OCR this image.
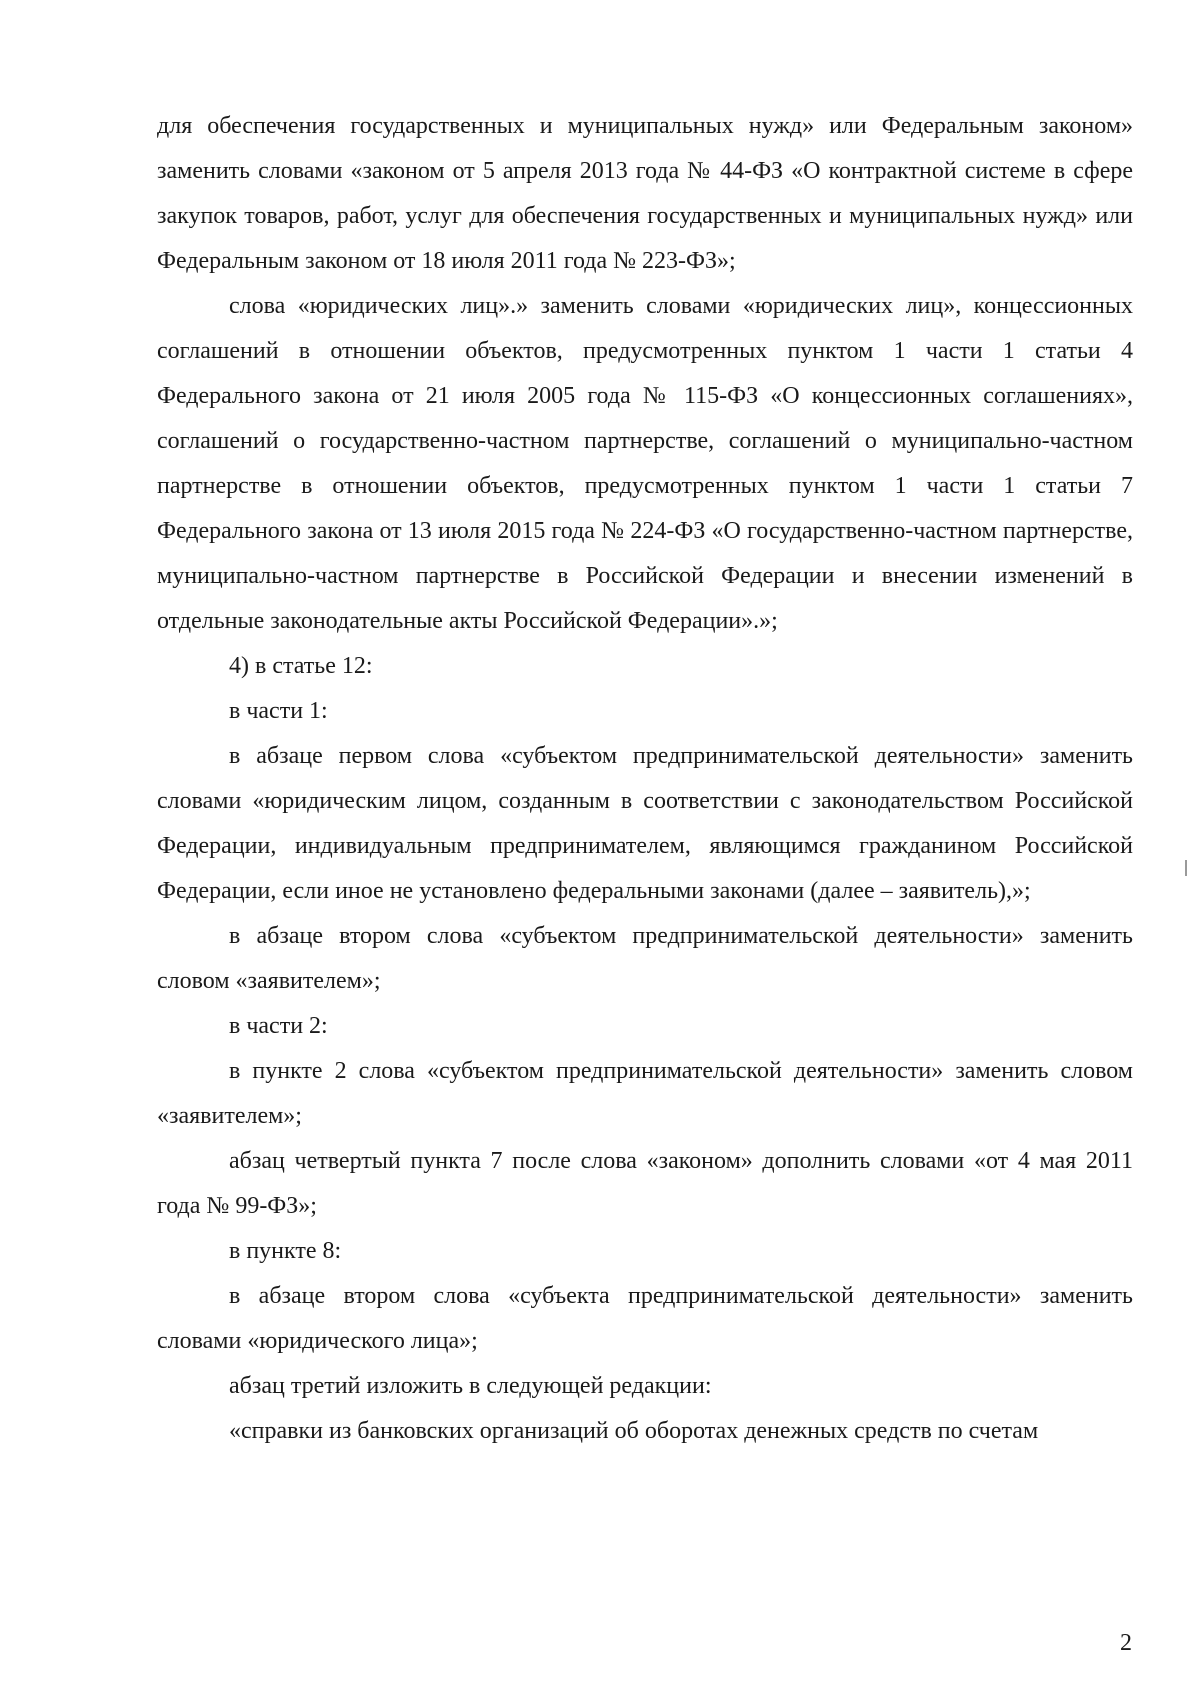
для обеспечения государственных и муниципальных нужд» или Федеральным законом» заменить словами «законом от 5 апреля 2013 года № 44-ФЗ «О контрактной системе в сфере закупок товаров, работ, услуг для обеспечения государственных и муниципальных нужд» или Федеральным законом от 18 июля 2011 года № 223-ФЗ»;

слова «юридических лиц».» заменить словами «юридических лиц», концессионных соглашений в отношении объектов, предусмотренных пунктом 1 части 1 статьи 4 Федерального закона от 21 июля 2005 года № 115-ФЗ «О концессионных соглашениях», соглашений о государственно-частном партнерстве, соглашений о муниципально-частном партнерстве в отношении объектов, предусмотренных пунктом 1 части 1 статьи 7 Федерального закона от 13 июля 2015 года № 224-ФЗ «О государственно-частном партнерстве, муниципально-частном партнерстве в Российской Федерации и внесении изменений в отдельные законодательные акты Российской Федерации».»;

4) в статье 12:

в части 1:

в абзаце первом слова «субъектом предпринимательской деятельности» заменить словами «юридическим лицом, созданным в соответствии с законодательством Российской Федерации, индивидуальным предпринимателем, являющимся гражданином Российской Федерации, если иное не установлено федеральными законами (далее – заявитель),»;

в абзаце втором слова «субъектом предпринимательской деятельности» заменить словом «заявителем»;

в части 2:

в пункте 2 слова «субъектом предпринимательской деятельности» заменить словом «заявителем»;

абзац четвертый пункта 7 после слова «законом» дополнить словами «от 4 мая 2011 года № 99-ФЗ»;

в пункте 8:

в абзаце втором слова «субъекта предпринимательской деятельности» заменить словами «юридического лица»;

абзац третий изложить в следующей редакции:

«справки из банковских организаций об оборотах денежных средств по счетам

2
